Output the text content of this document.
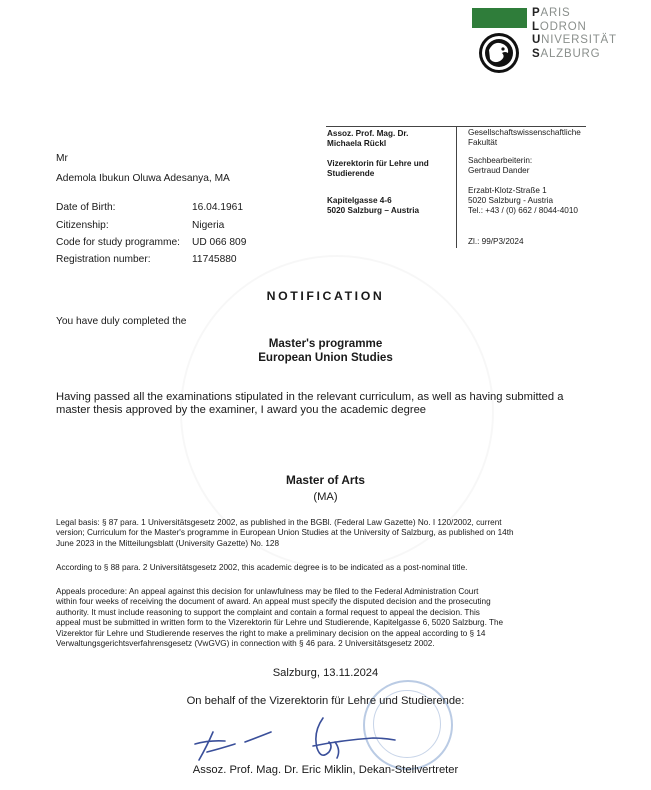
PARIS
LODRON
UNIVERSITÄT
SALZBURG
Assoz. Prof. Mag. Dr.
Michaela Rückl
Vizerektorin für Lehre und
Studierende
Kapitelgasse 4-6
5020 Salzburg – Austria
Gesellschaftswissenschaftliche
Fakultät
Sachbearbeiterin:
Gertraud Dander
Erzabt-Klotz-Straße 1
5020 Salzburg - Austria
Tel.: +43 / (0) 662 / 8044-4010
Zl.: 99/P3/2024
Mr
Ademola Ibukun Oluwa Adesanya, MA
Date of Birth:	16.04.1961
Citizenship:	Nigeria
Code for study programme: UD 066 809
Registration number:	11745880
NOTIFICATION
You have duly completed the
Master's programme
European Union Studies
Having passed all the examinations stipulated in the relevant curriculum, as well as having submitted a
master thesis approved by the examiner, I award you the academic degree
Master of Arts
(MA)
Legal basis: § 87 para. 1 Universitätsgesetz 2002, as published in the BGBl. (Federal Law Gazette) No. I 120/2002, current
version; Curriculum for the Master's programme in European Union Studies at the University of Salzburg, as published on 14th
June 2023 in the Mitteilungsblatt (University Gazette) No. 128
According to § 88 para. 2 Universitätsgesetz 2002, this academic degree is to be indicated as a post-nominal title.
Appeals procedure: An appeal against this decision for unlawfulness may be filed to the Federal Administration Court
within four weeks of receiving the document of award. An appeal must specify the disputed decision and the prosecuting
authority. It must include reasoning to support the complaint and contain a formal request to appeal the decision. This
appeal must be submitted in written form to the Vizerektorin für Lehre und Studierende, Kapitelgasse 6, 5020 Salzburg. The
Vizerektor für Lehre und Studierende reserves the right to make a preliminary decision on the appeal according to § 14
Verwaltungsgerichtsverfahrensgesetz (VwGVG) in connection with § 46 para. 2 Universitätsgesetz 2002.
Salzburg, 13.11.2024
On behalf of the Vizerektorin für Lehre und Studierende:
Assoz. Prof. Mag. Dr. Eric Miklin, Dekan-Stellvertreter
